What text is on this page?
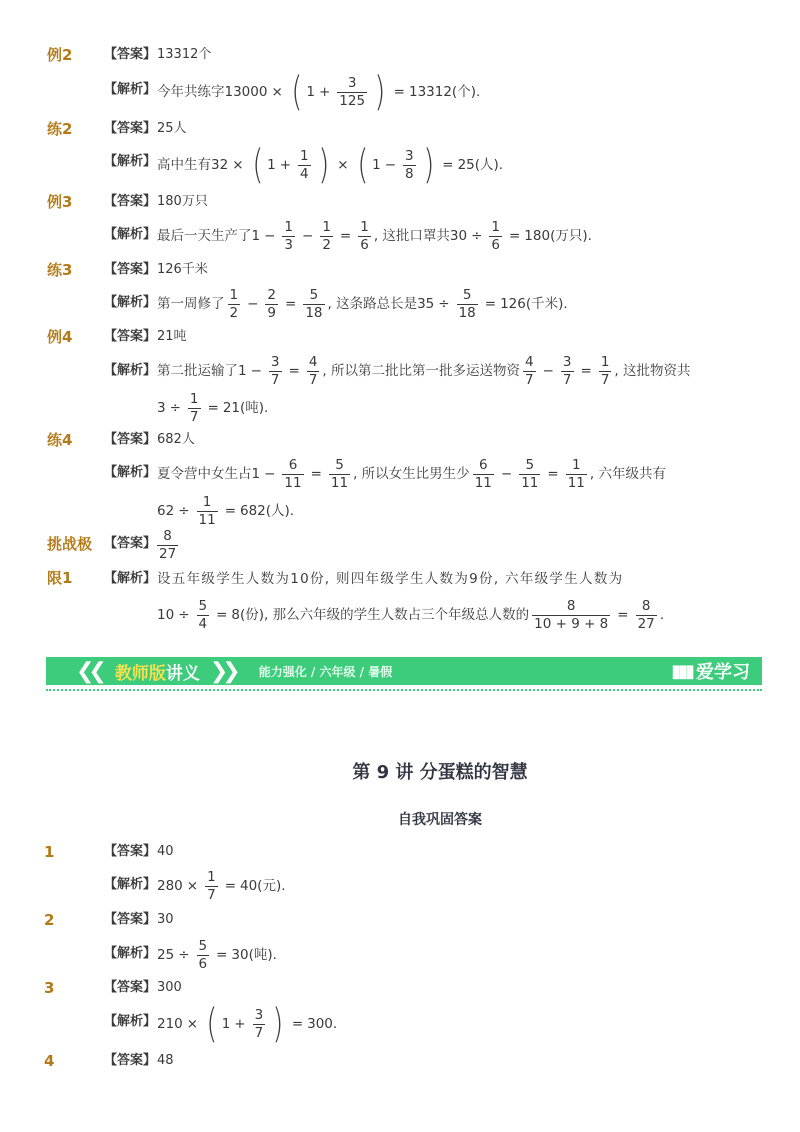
例2 【答案】 13312个
【解析】 今年共练字13000 × ( $1 + \frac{3}{125}$ ) = 13312(个).
练2 【答案】 25人
【解析】 高中生有32 × ( $1 + \frac{1}{4}$ ) × ( $1 - \frac{3}{8}$ ) = 25(人).
例3 【答案】 180万只
【解析】 最后一天生产了$1 - \frac{1}{3} - \frac{1}{2} = \frac{1}{6}$ , 这批口罩共$30 \div \frac{1}{6} = 180$(万只).
练3 【答案】 126千米
【解析】 第一周修了 $\frac{1}{2} - \frac{2}{9} = \frac{5}{18}$ , 这条路总长是$35 \div \frac{5}{18} = 126$(千米).
例4 【答案】 21吨
【解析】 第二批运输了$1 - \frac{3}{7} = \frac{4}{7}$ , 所以第二批比第一批多运送物资 $\frac{4}{7} - \frac{3}{7} = \frac{1}{7}$ , 这批物资共
$3 \div \frac{1}{7} = 21$(吨).
练4 【答案】 682人
【解析】 夏令营中女生占$1 - \frac{6}{11} = \frac{5}{11}$ , 所以女生比男生少 $\frac{6}{11} - \frac{5}{11} = \frac{1}{11}$ , 六年级共有
$62 \div \frac{1}{11} = 682$(人).
挑战极
限1
【答案】 $\frac{8}{27}$
【解析】 设五年级学生人数为10份, 则四年级学生人数为9份, 六年级学生人数为
$10 \div \frac{5}{4} = 8$(份), 那么六年级的学生人数占三个年级总人数的 $\frac{8}{10 + 9 + 8} = \frac{8}{27}$ .
❮❮ 教师版 讲义 ❯❯ 能力强化 / 六年级 / 暑假	▮▮▮ 爱学习
第 9 讲 分蛋糕的智慧
自我巩固答案
1	【答案】 40
【解析】 $280 \times \frac{1}{7} = 40$(元).
2	【答案】 30
【解析】 $25 \div \frac{5}{6} = 30$(吨).
3	【答案】 300
【解析】 210 × ( $1 + \frac{3}{7}$ ) = 300.
4	【答案】 48
